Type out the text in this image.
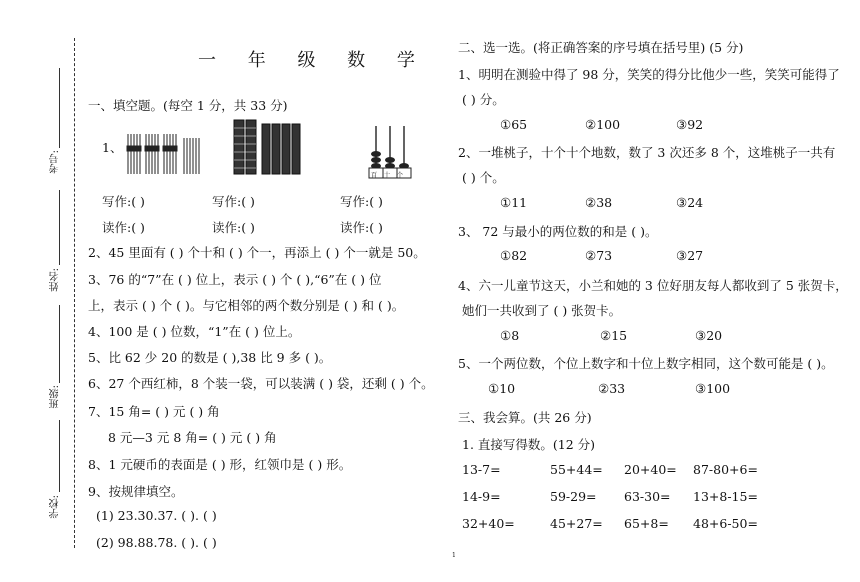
考号:
姓名:
班级:
学校:
一 年 级 数 学
一、填空题。(每空 1 分，共 33 分)
1、
百十个
写作:( )	写作:( )	写作:( )
读作:( )	读作:( )	读作:( )
2、45 里面有 ( ) 个十和 ( ) 个一，再添上 ( ) 个一就是 50。
3、76 的“7”在 ( ) 位上，表示 ( ) 个 ( ),“6”在 ( ) 位
上，表示 ( ) 个 ( )。与它相邻的两个数分别是 ( ) 和 ( )。
4、100 是 ( ) 位数，“1”在 ( ) 位上。
5、比 62 少 20 的数是 ( ),38 比 9 多 ( )。
6、27 个西红柿，8 个装一袋，可以装满 ( ) 袋，还剩 ( ) 个。
7、15 角= ( ) 元 ( ) 角
8 元—3 元 8 角= ( ) 元 ( ) 角
8、1 元硬币的表面是 ( ) 形，红领巾是 ( ) 形。
9、按规律填空。
(1) 23.30.37. ( ). ( )
(2) 98.88.78. ( ). ( )
二、选一选。(将正确答案的序号填在括号里) (5 分)
1、明明在测验中得了 98 分，笑笑的得分比他少一些，笑笑可能得了
( ) 分。
①65	②100	③92
2、一堆桃子，十个十个地数，数了 3 次还多 8 个，这堆桃子一共有
( ) 个。
①11	②38	③24
3、 72 与最小的两位数的和是 ( )。
①82	②73	③27
4、六一儿童节这天，小兰和她的 3 位好朋友每人都收到了 5 张贺卡，
她们一共收到了 ( ) 张贺卡。
①8	②15	③20
5、一个两位数，个位上数字和十位上数字相同，这个数可能是 ( )。
①10	②33	③100
三、我会算。(共 26 分)
1. 直接写得数。(12 分)
13-7=	55+44= 20+40= 87-80+6=
14-9=	59-29= 63-30= 13+8-15=
32+40=	45+27= 65+8= 48+6-50=
1
